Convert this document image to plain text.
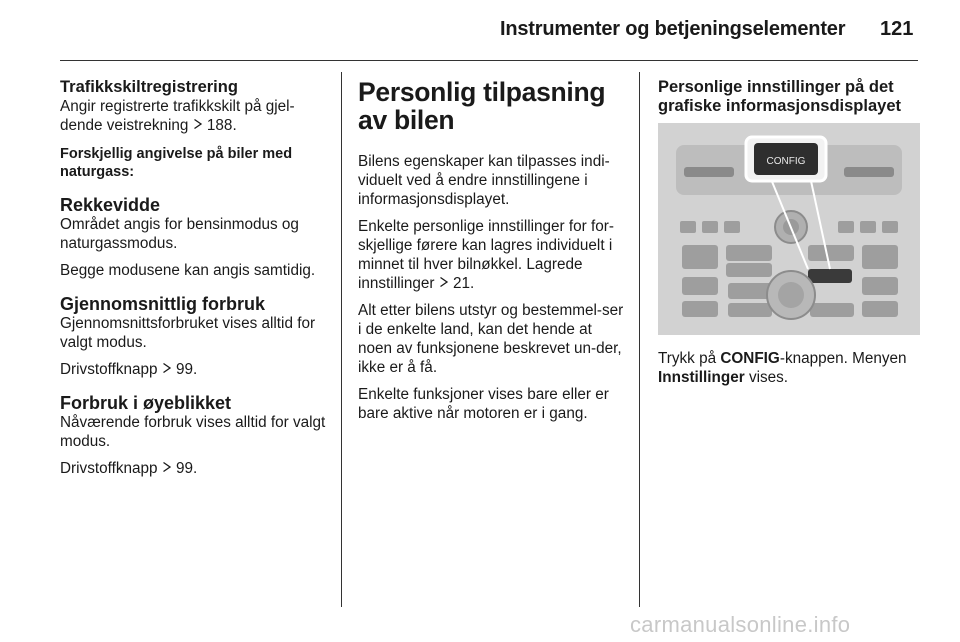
Instrumenter og betjeningselementer 121
Trafikkskiltregistrering

Angir registrerte trafikkskilt på gjel-
dende veistrekning 188.

Forskjellig angivelse på biler med naturgass:
Rekkevidde

Området angis for bensinmodus og naturgassmodus.

Begge modusene kan angis samtidig.

Gjennomsnittlig forbruk

Gjennomsnittsforbruket vises alltid for valgt modus.

Drivstoffknapp 99.

Forbruk i øyeblikket

Nåværende forbruk vises alltid for valgt modus.

Drivstoffknapp 99.

Personlig tilpasning av bilen

Bilens egenskaper kan tilpasses indi-viduelt ved å endre innstillingene i informasjonsdisplayet.

Enkelte personlige innstillinger for for-skjellige førere kan lagres individuelt i minnet til hver bilnøkkel. Lagrede innstillinger 21.

Alt etter bilens utstyr og bestemmel-ser i de enkelte land, kan det hende at noen av funksjonene beskrevet un-der, ikke er å få.

Enkelte funksjoner vises bare eller er bare aktive når motoren er i gang.

Personlige innstillinger på det grafiske informasjonsdisplayet
CONFIG

Trykk på CONFIG-knappen. Menyen
Innstillinger vises.

carmanualsonline.info
